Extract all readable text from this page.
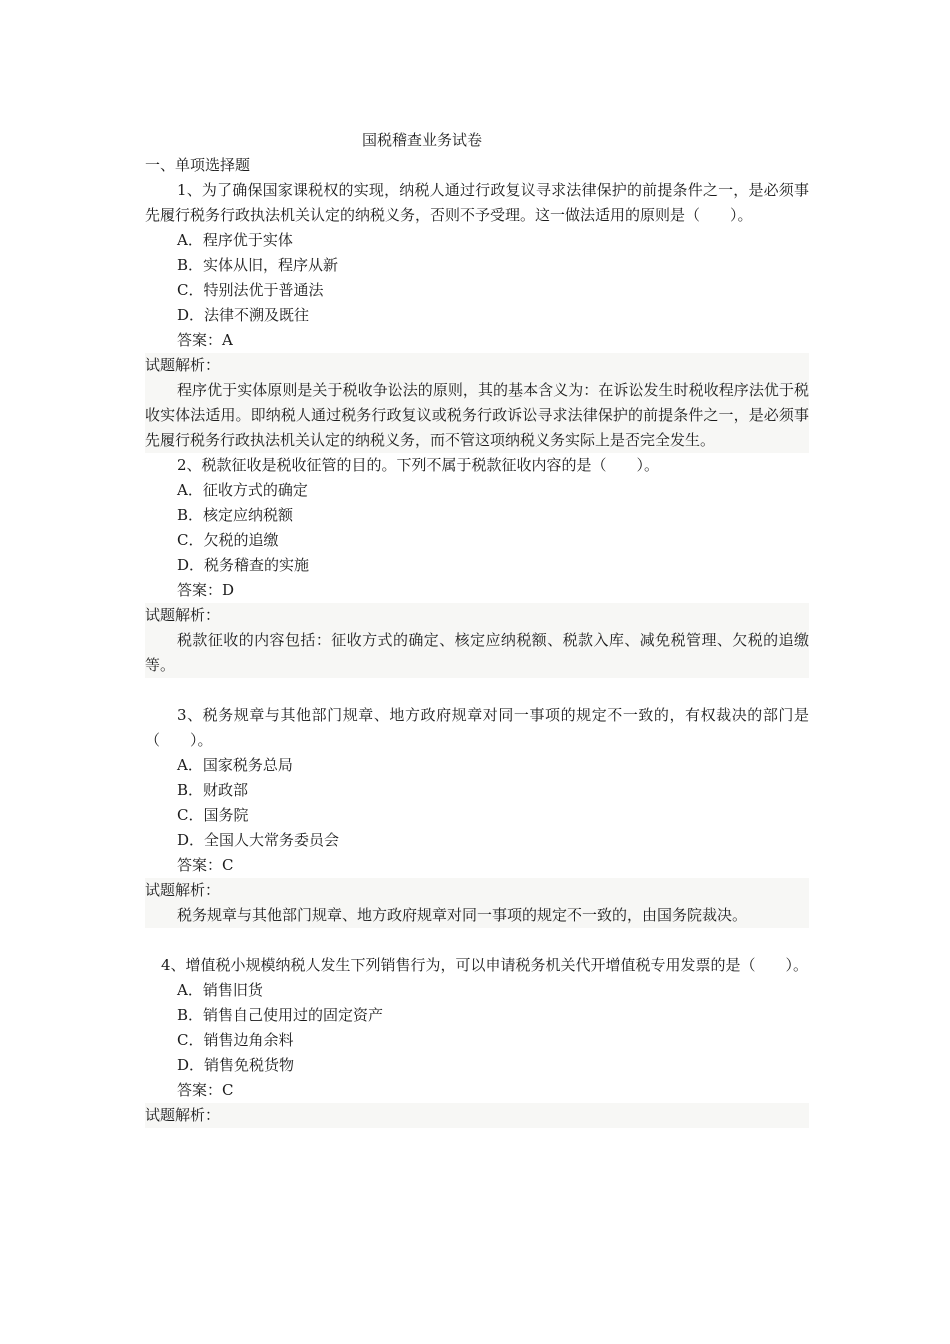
国税稽查业务试卷

一、单项选择题

1、为了确保国家课税权的实现，纳税人通过行政复议寻求法律保护的前提条件之一，是必须事先履行税务行政执法机关认定的纳税义务，否则不予受理。这一做法适用的原则是（　　）。

A．程序优于实体

B．实体从旧，程序从新

C．特别法优于普通法

D．法律不溯及既往

答案：A

试题解析：

程序优于实体原则是关于税收争讼法的原则，其的基本含义为：在诉讼发生时税收程序法优于税收实体法适用。即纳税人通过税务行政复议或税务行政诉讼寻求法律保护的前提条件之一，是必须事先履行税务行政执法机关认定的纳税义务，而不管这项纳税义务实际上是否完全发生。

2、税款征收是税收征管的目的。下列不属于税款征收内容的是（　　）。

A．征收方式的确定

B．核定应纳税额

C．欠税的追缴

D．税务稽查的实施

答案：D

试题解析：

税款征收的内容包括：征收方式的确定、核定应纳税额、税款入库、减免税管理、欠税的追缴等。

3、税务规章与其他部门规章、地方政府规章对同一事项的规定不一致的，有权裁决的部门是（　　）。

A．国家税务总局

B．财政部

C．国务院

D．全国人大常务委员会

答案：C

试题解析：

税务规章与其他部门规章、地方政府规章对同一事项的规定不一致的，由国务院裁决。

4、增值税小规模纳税人发生下列销售行为，可以申请税务机关代开增值税专用发票的是（　　）。

A．销售旧货

B．销售自己使用过的固定资产

C．销售边角余料

D．销售免税货物

答案：C

试题解析：
